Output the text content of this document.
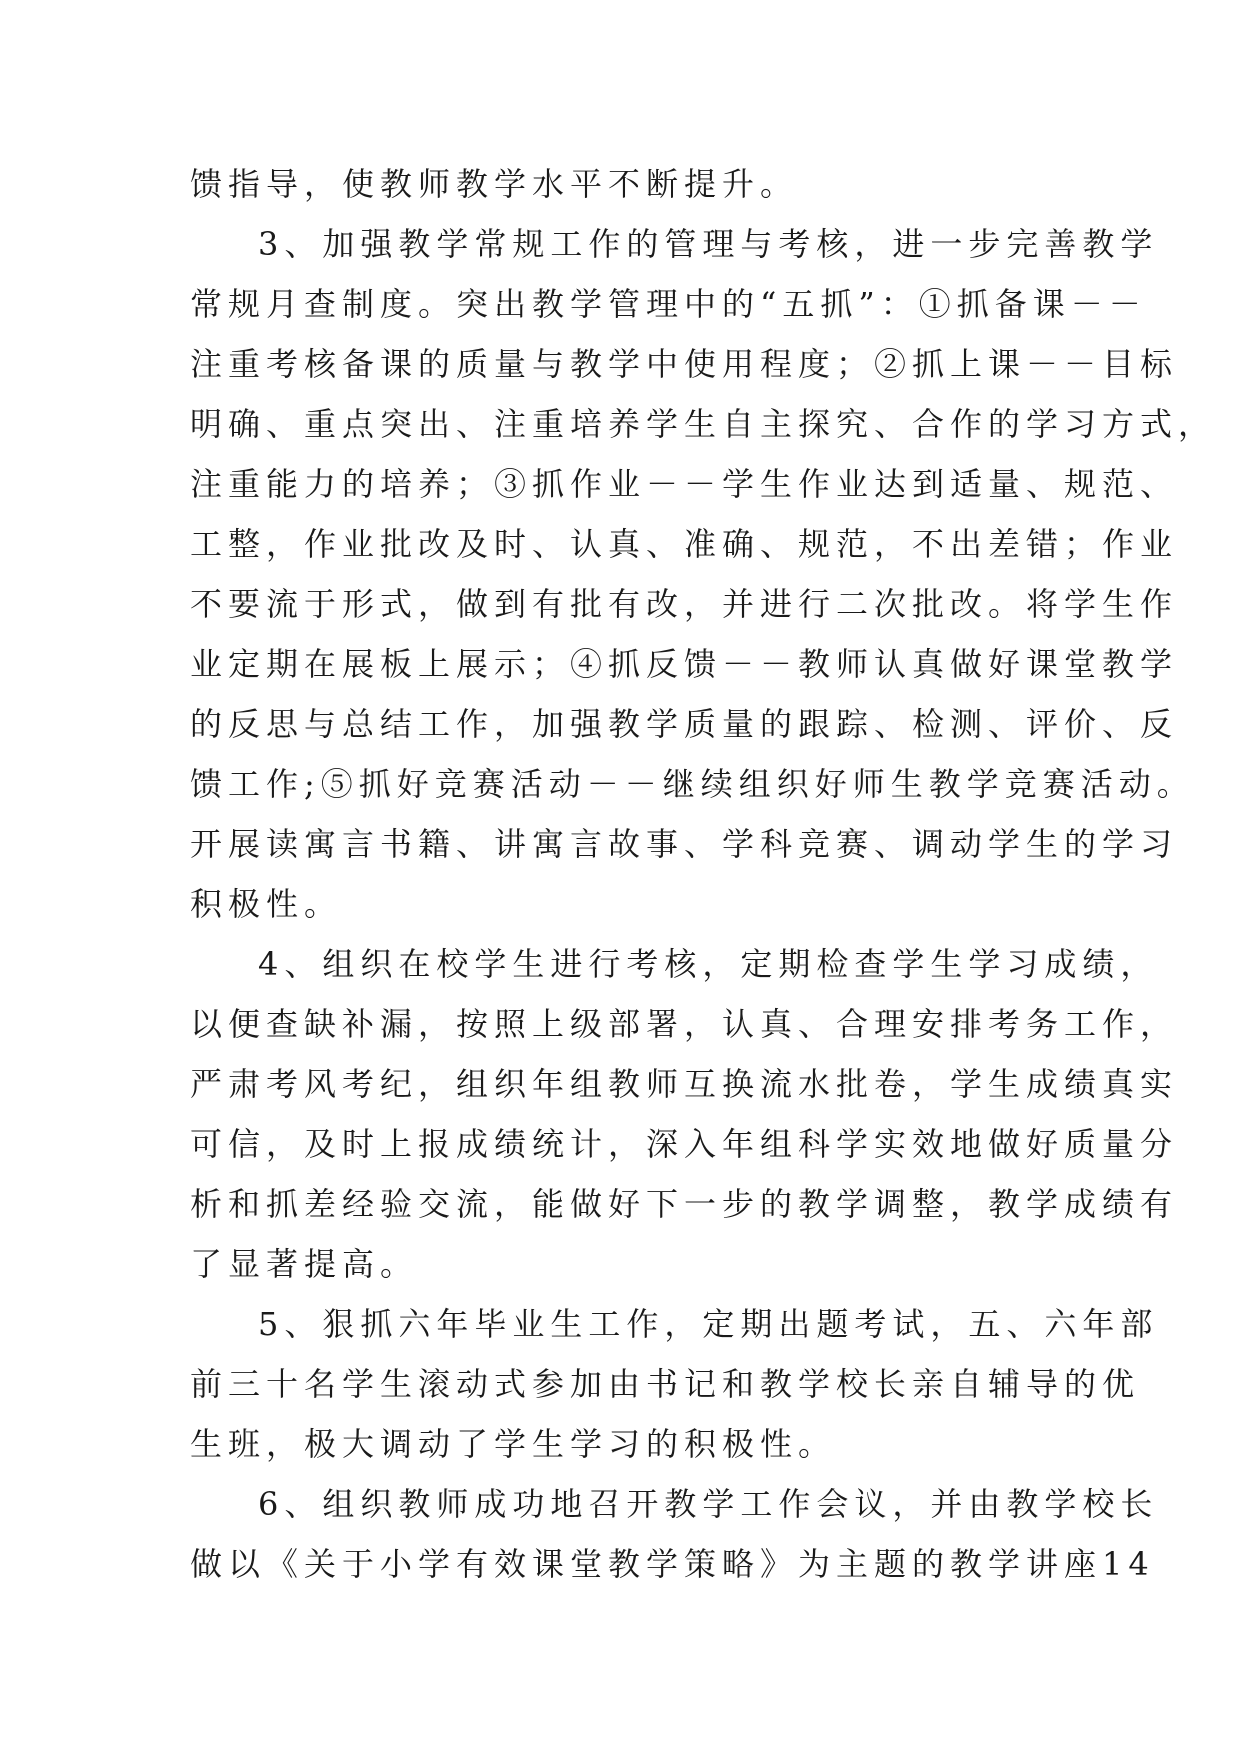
馈指导，使教师教学水平不断提升。
3、加强教学常规工作的管理与考核，进一步完善教学
常规月查制度。突出教学管理中的“五抓”：①抓备课－－
注重考核备课的质量与教学中使用程度；②抓上课－－目标
明确、重点突出、注重培养学生自主探究、合作的学习方式，
注重能力的培养；③抓作业－－学生作业达到适量、规范、
工整，作业批改及时、认真、准确、规范，不出差错；作业
不要流于形式，做到有批有改，并进行二次批改。将学生作
业定期在展板上展示；④抓反馈－－教师认真做好课堂教学
的反思与总结工作，加强教学质量的跟踪、检测、评价、反
馈工作;⑤抓好竞赛活动－－继续组织好师生教学竞赛活动。
开展读寓言书籍、讲寓言故事、学科竞赛、调动学生的学习
积极性。
4、组织在校学生进行考核，定期检查学生学习成绩，
以便查缺补漏，按照上级部署，认真、合理安排考务工作，
严肃考风考纪，组织年组教师互换流水批卷，学生成绩真实
可信，及时上报成绩统计，深入年组科学实效地做好质量分
析和抓差经验交流，能做好下一步的教学调整，教学成绩有
了显著提高。
5、狠抓六年毕业生工作，定期出题考试，五、六年部
前三十名学生滚动式参加由书记和教学校长亲自辅导的优
生班，极大调动了学生学习的积极性。
6、组织教师成功地召开教学工作会议，并由教学校长
做以《关于小学有效课堂教学策略》为主题的教学讲座14
